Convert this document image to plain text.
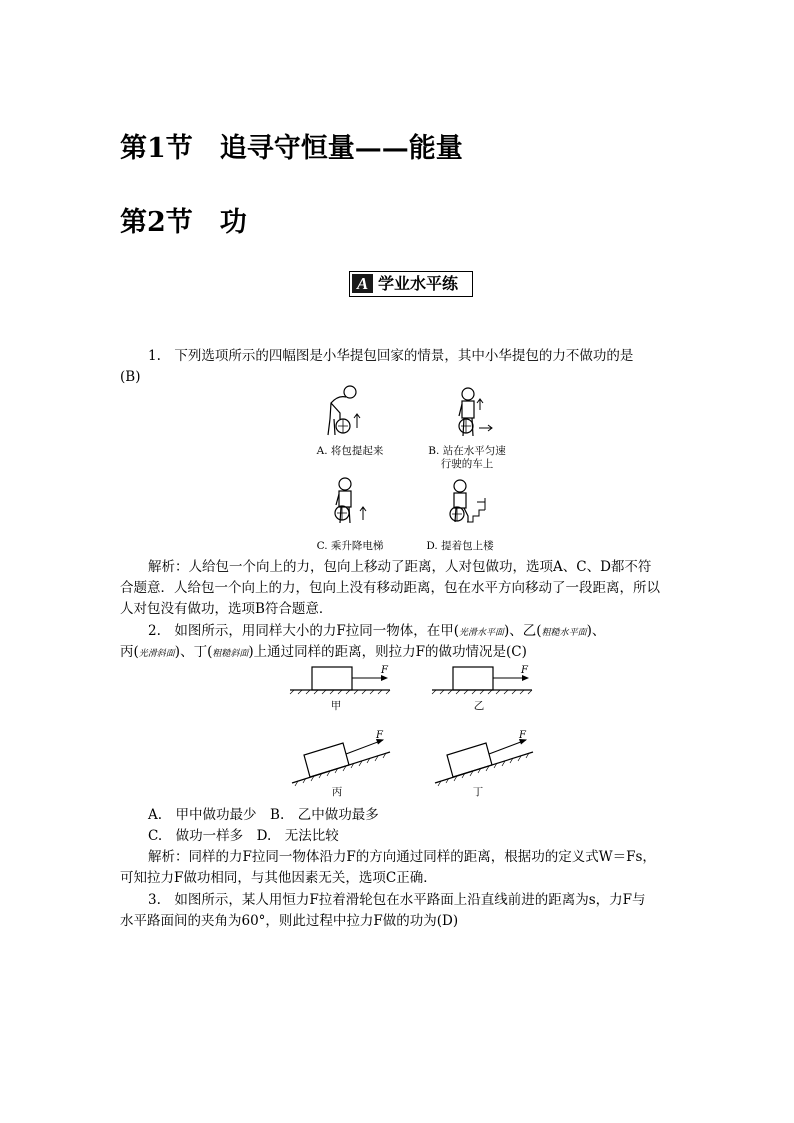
第1节　追寻守恒量——能量
第2节　功
A 学业水平练
1.　下列选项所示的四幅图是小华提包回家的情景，其中小华提包的力不做功的是
(B)
A. 将包提起来	B. 站在水平匀速
行驶的车上
C. 乘升降电梯	D. 提着包上楼
解析：人给包一个向上的力，包向上移动了距离，人对包做功，选项A、C、D都不符
合题意．人给包一个向上的力，包向上没有移动距离，包在水平方向移动了一段距离，所以
人对包没有做功，选项B符合题意．
2.　如图所示，用同样大小的力F拉同一物体，在甲(光滑水平面)、乙(粗糙水平面)、
丙(光滑斜面)、丁(粗糙斜面)上通过同样的距离，则拉力F的做功情况是(C)
F
甲
F
乙
F
丙
F
丁
A.　甲中做功最少　B.　乙中做功最多
C.　做功一样多　D.　无法比较
解析：同样的力F拉同一物体沿力F的方向通过同样的距离，根据功的定义式W＝Fs，
可知拉力F做功相同，与其他因素无关，选项C正确．
3.　如图所示，某人用恒力F拉着滑轮包在水平路面上沿直线前进的距离为s，力F与
水平路面间的夹角为60°，则此过程中拉力F做的功为(D)
